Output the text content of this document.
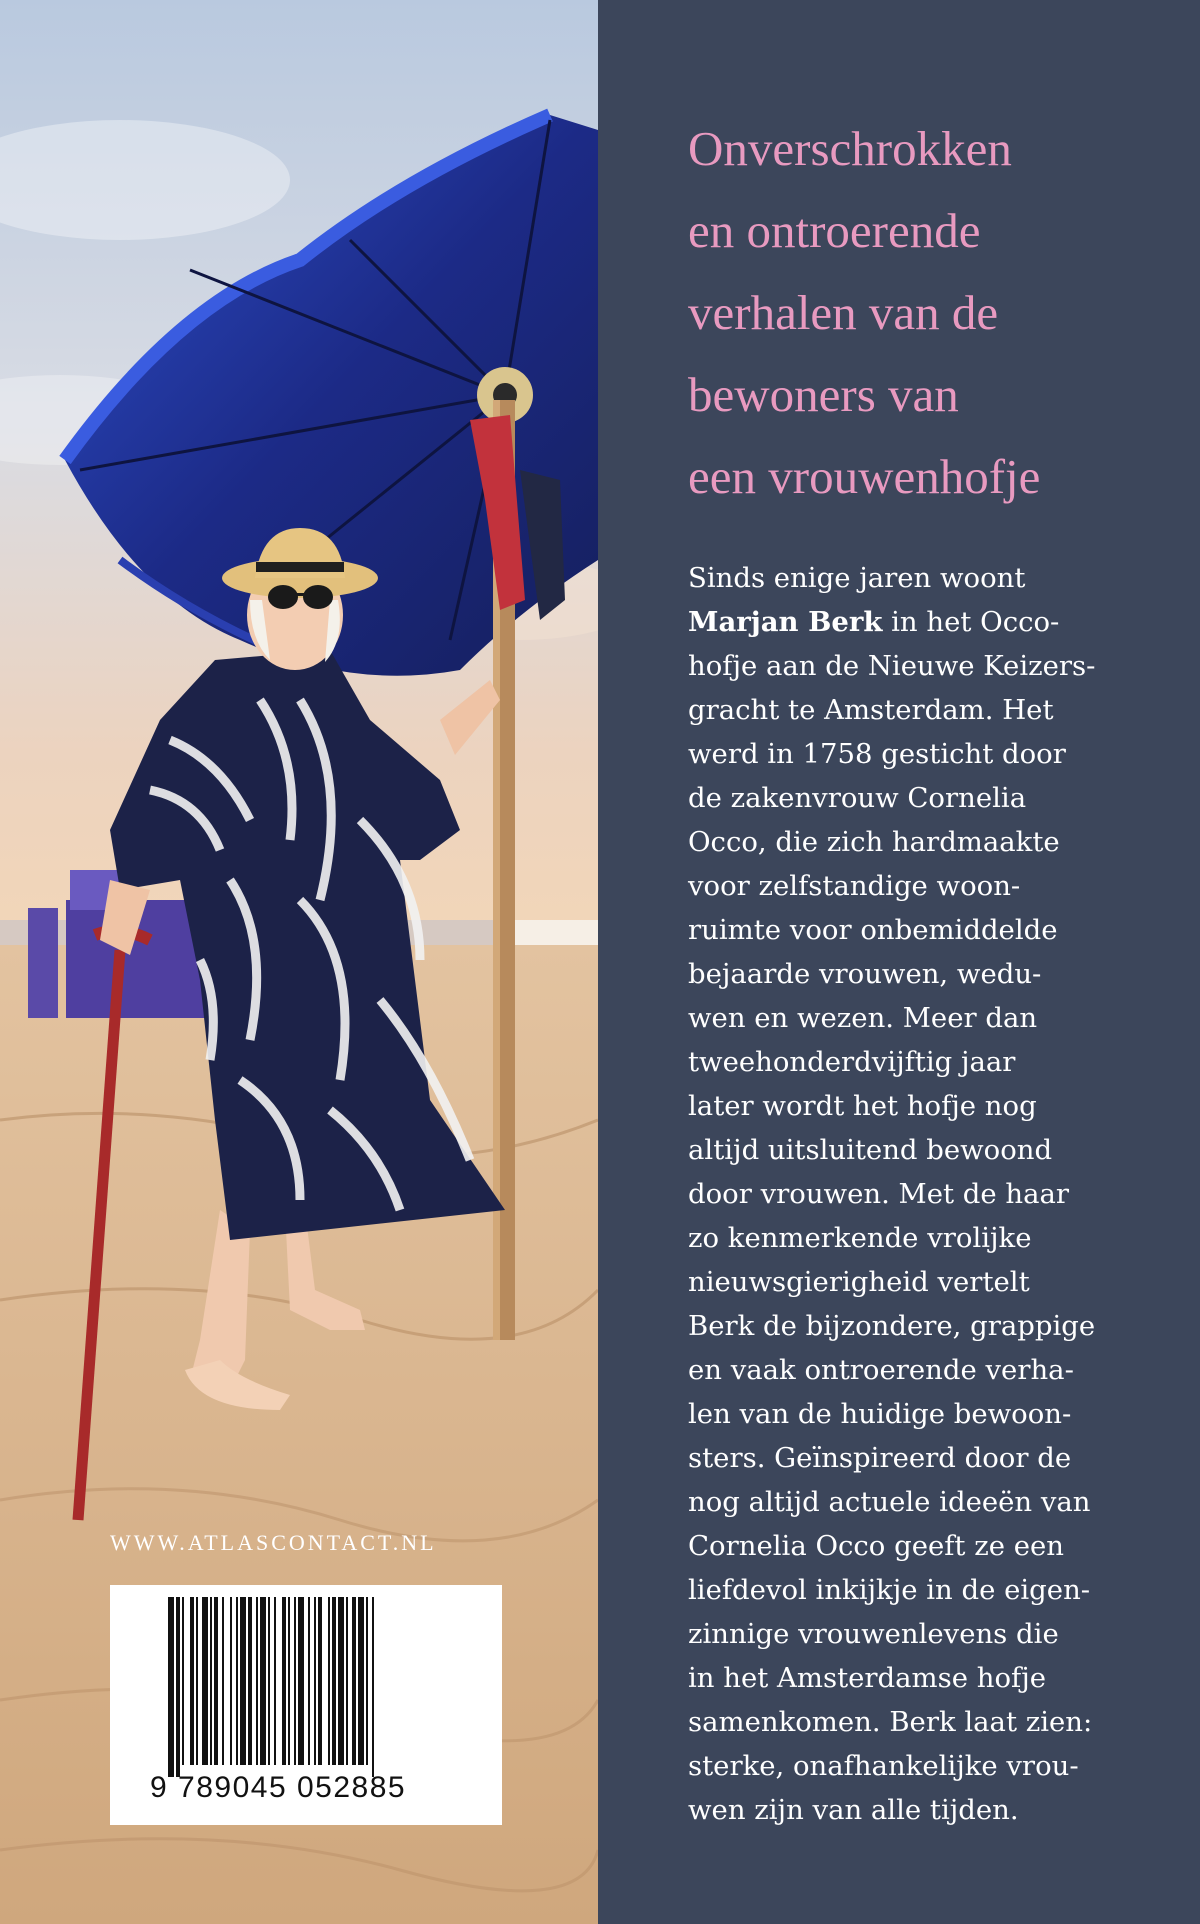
WWW.ATLASCONTACT.NL
9 789045 052885
Onverschrokken
en ontroerende
verhalen van de
bewoners van
een vrouwenhofje
Sinds enige jaren woont
Marjan Berk in het Occo-
hofje aan de Nieuwe Keizers-
gracht te Amsterdam. Het
werd in 1758 gesticht door
de zakenvrouw Cornelia
Occo, die zich hardmaakte
voor zelfstandige woon-
ruimte voor onbemiddelde
bejaarde vrouwen, wedu-
wen en wezen. Meer dan
tweehonderdvijftig jaar
later wordt het hofje nog
altijd uitsluitend bewoond
door vrouwen. Met de haar
zo kenmerkende vrolijke
nieuwsgierigheid vertelt
Berk de bijzondere, grappige
en vaak ontroerende verha-
len van de huidige bewoon-
sters. Geïnspireerd door de
nog altijd actuele ideeën van
Cornelia Occo geeft ze een
liefdevol inkijkje in de eigen-
zinnige vrouwenlevens die
in het Amsterdamse hofje
samenkomen. Berk laat zien:
sterke, onafhankelijke vrou-
wen zijn van alle tijden.
